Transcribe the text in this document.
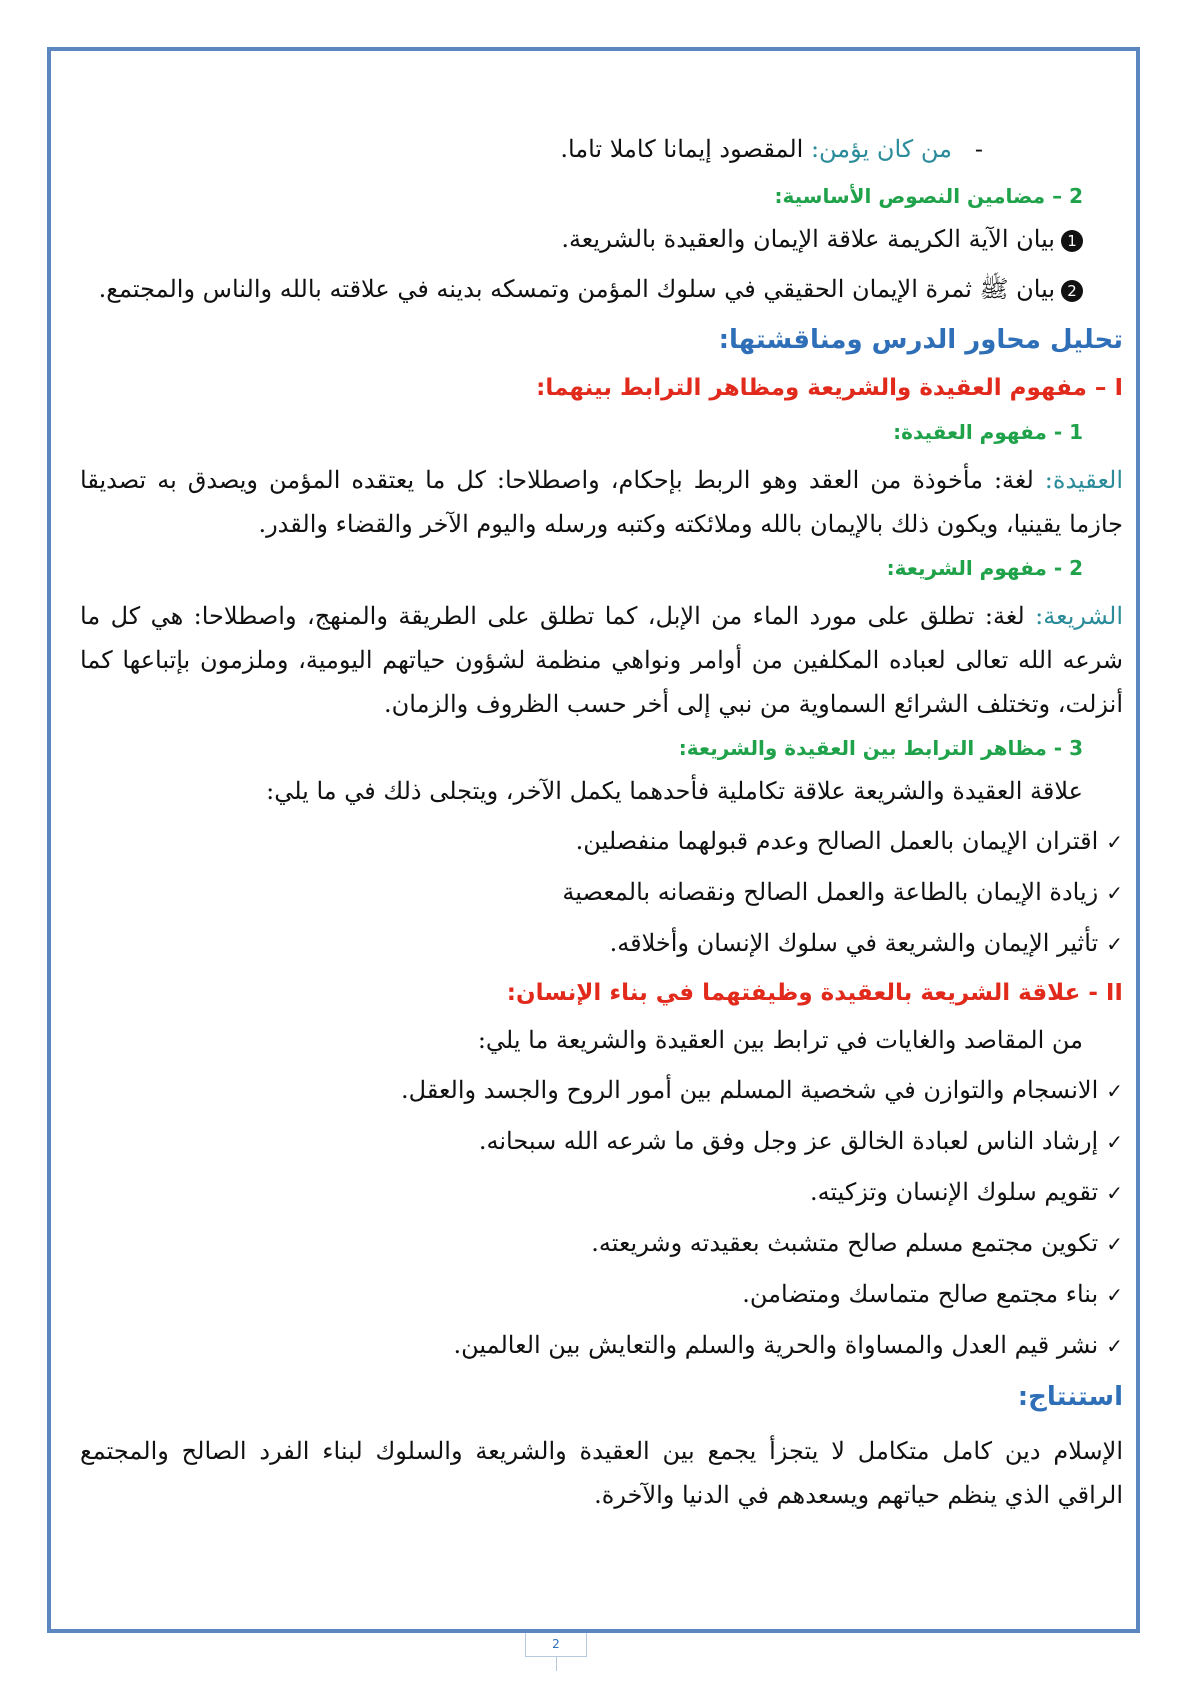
-   من كان يؤمن: المقصود إيمانا كاملا تاما.

2 – مضامين النصوص الأساسية:

1بيان الآية الكريمة علاقة الإيمان والعقيدة بالشريعة.

2بيان ﷺ ثمرة الإيمان الحقيقي في سلوك المؤمن وتمسكه بدينه في علاقته بالله والناس والمجتمع.

تحليل محاور الدرس ومناقشتها:

I – مفهوم العقيدة والشريعة ومظاهر الترابط بينهما:

1 - مفهوم العقيدة:

العقيدة: لغة: مأخوذة من العقد وهو الربط بإحكام، واصطلاحا: كل ما يعتقده المؤمن ويصدق به تصديقا جازما يقينيا، ويكون ذلك بالإيمان بالله وملائكته وكتبه ورسله واليوم الآخر والقضاء والقدر.

2 - مفهوم الشريعة:

الشريعة: لغة: تطلق على مورد الماء من الإبل، كما تطلق على الطريقة والمنهج، واصطلاحا: هي كل ما شرعه الله تعالى لعباده المكلفين من أوامر ونواهي منظمة لشؤون حياتهم اليومية، وملزمون بإتباعها كما أنزلت، وتختلف الشرائع السماوية من نبي إلى أخر حسب الظروف والزمان.

3 - مظاهر الترابط بين العقيدة والشريعة:

علاقة العقيدة والشريعة علاقة تكاملية فأحدهما يكمل الآخر، ويتجلى ذلك في ما يلي:

✓اقتران الإيمان بالعمل الصالح وعدم قبولهما منفصلين.
✓زيادة الإيمان بالطاعة والعمل الصالح ونقصانه بالمعصية
✓تأثير الإيمان والشريعة في سلوك الإنسان وأخلاقه.

II - علاقة الشريعة بالعقيدة وظيفتهما في بناء الإنسان:

من المقاصد والغايات في ترابط بين العقيدة والشريعة ما يلي:

✓الانسجام والتوازن في شخصية المسلم بين أمور الروح والجسد والعقل.
✓إرشاد الناس لعبادة الخالق عز وجل وفق ما شرعه الله سبحانه.
✓تقويم سلوك الإنسان وتزكيته.
✓تكوين مجتمع مسلم صالح متشبث بعقيدته وشريعته.
✓بناء مجتمع صالح متماسك ومتضامن.
✓نشر قيم العدل والمساواة والحرية والسلم والتعايش بين العالمين.

استنتاج:

الإسلام دين كامل متكامل لا يتجزأ يجمع بين العقيدة والشريعة والسلوك لبناء الفرد الصالح والمجتمع الراقي الذي ينظم حياتهم ويسعدهم في الدنيا والآخرة.

2
